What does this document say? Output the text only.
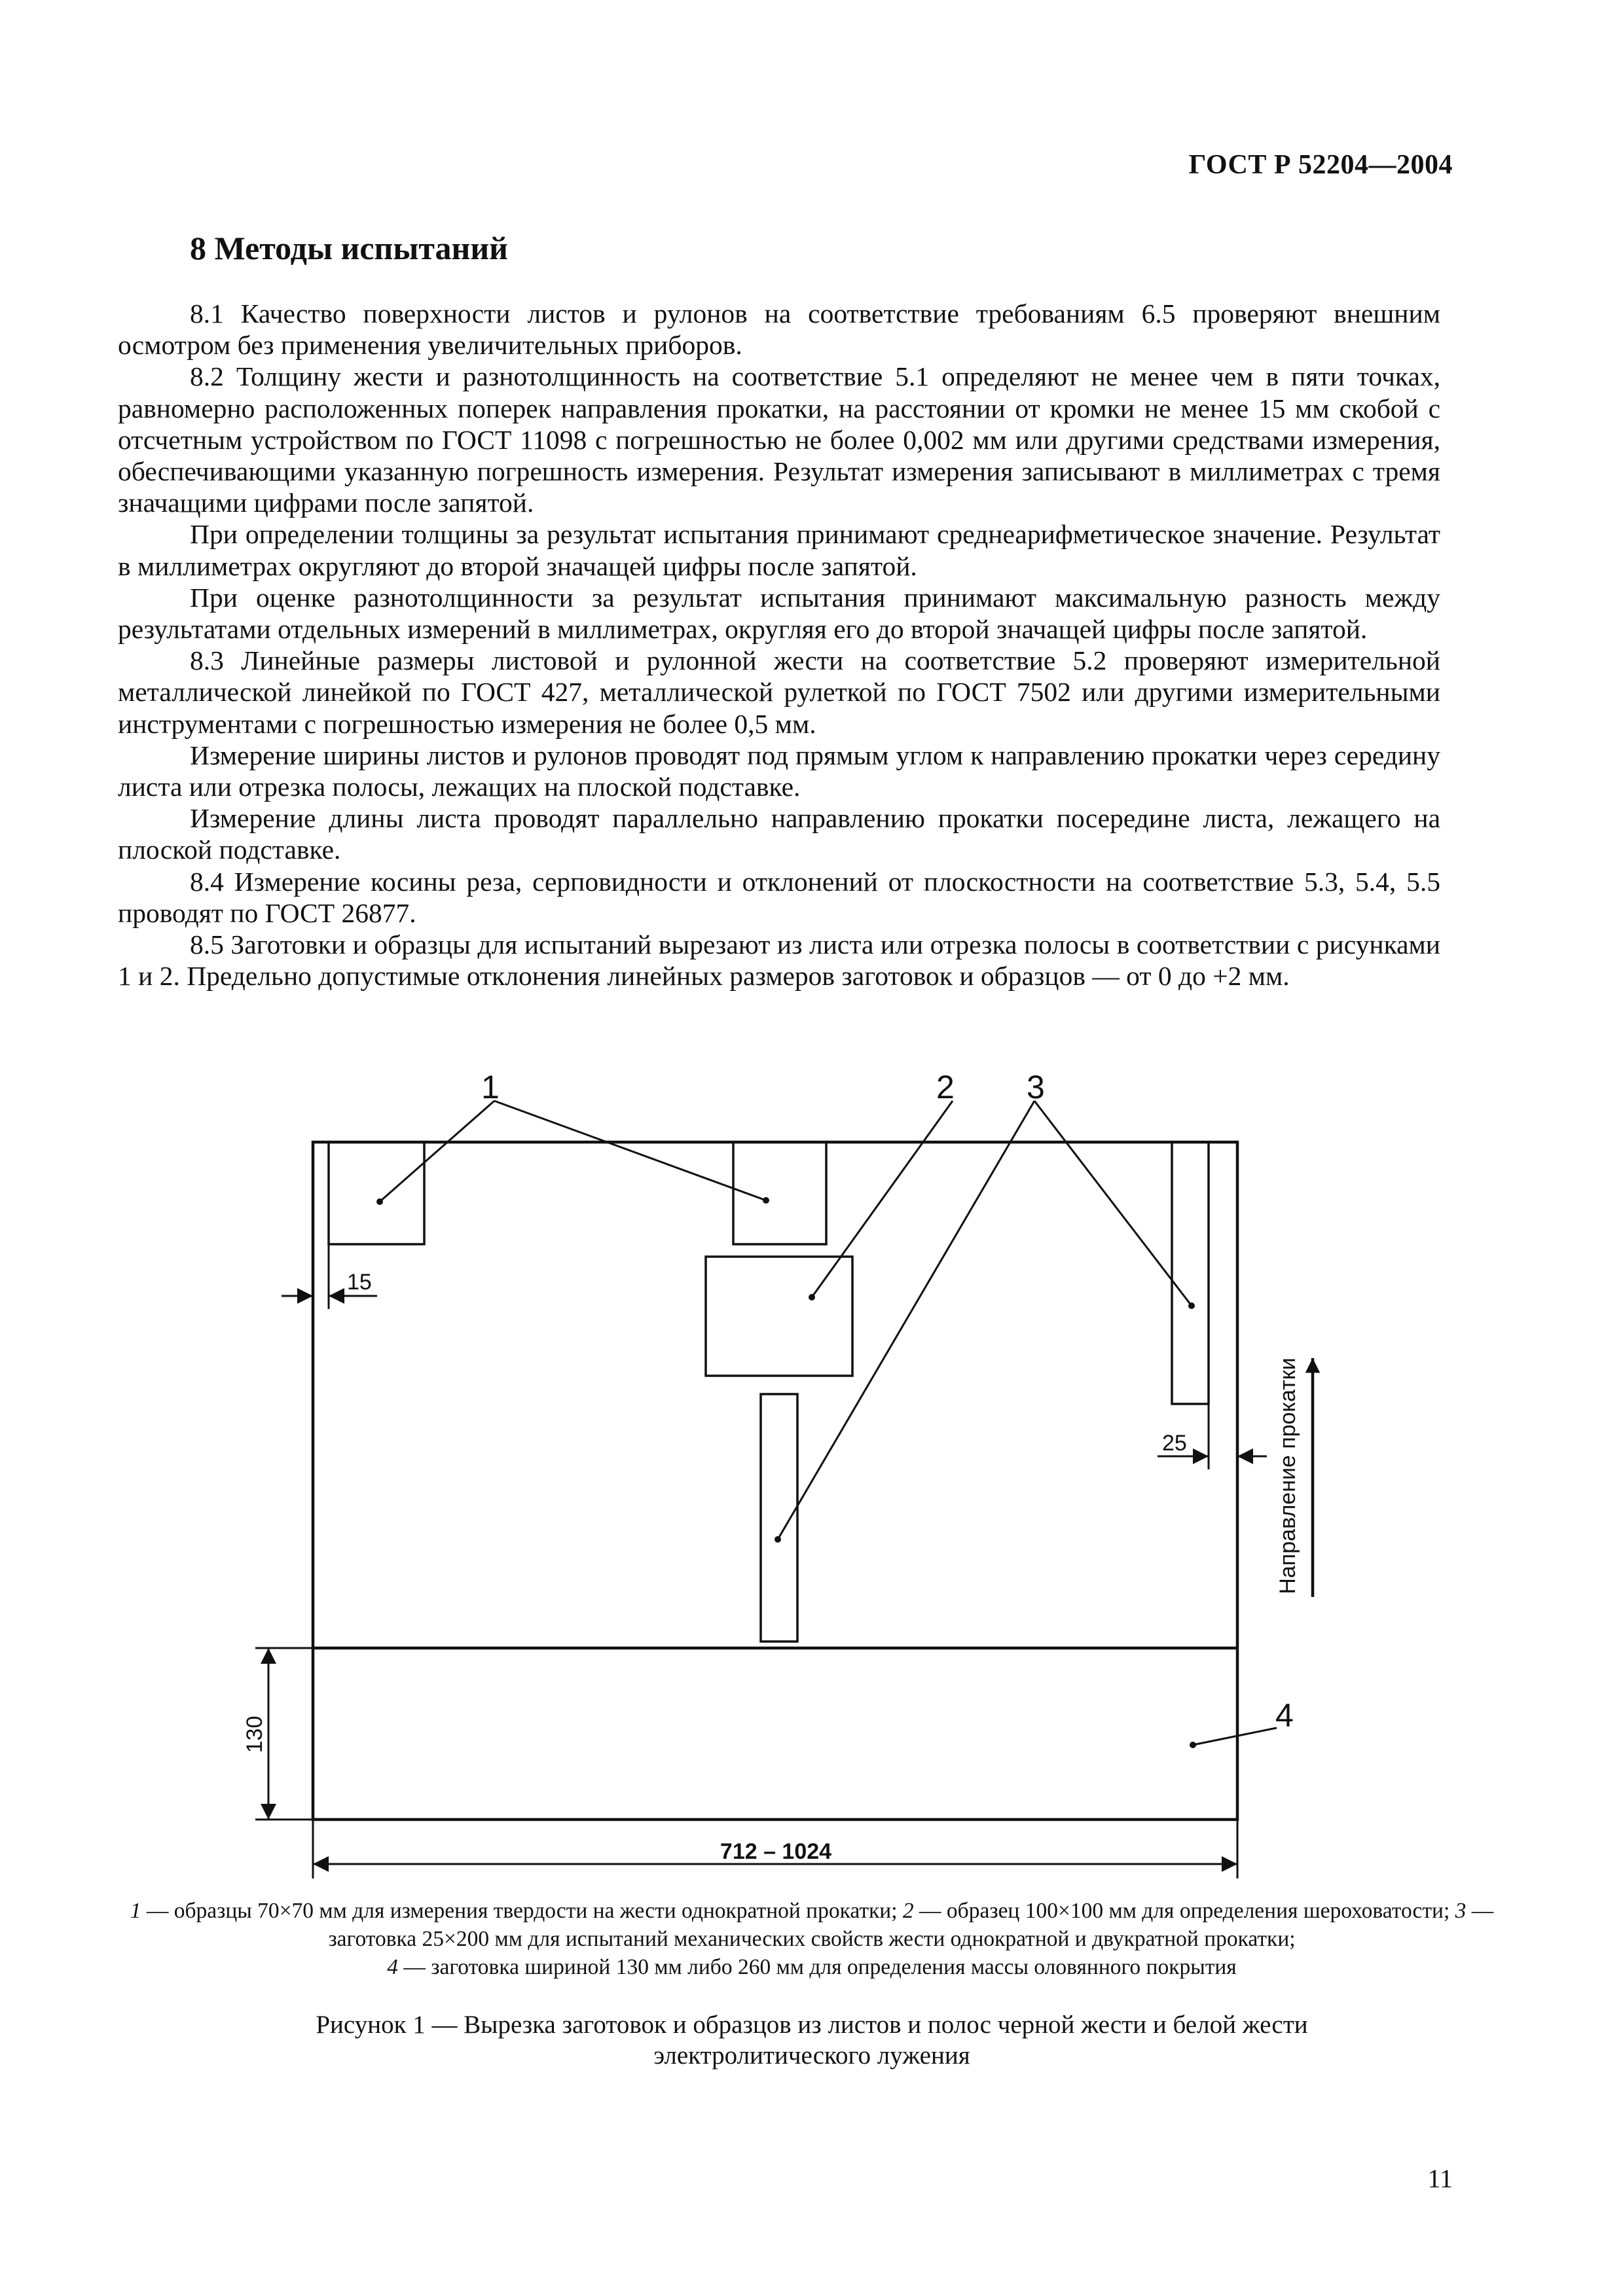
ГОСТ Р 52204—2004
8 Методы испытаний

8.1 Качество поверхности листов и рулонов на соответствие требованиям 6.5 проверяют внешним осмотром без применения увеличительных приборов.

8.2 Толщину жести и разнотолщинность на соответствие 5.1 определяют не менее чем в пяти точках, равномерно расположенных поперек направления прокатки, на расстоянии от кромки не менее 15 мм скобой с отсчетным устройством по ГОСТ 11098 с погрешностью не более 0,002 мм или другими средствами измерения, обеспечивающими указанную погрешность измерения. Результат измерения записывают в миллиметрах с тремя значащими цифрами после запятой.

При определении толщины за результат испытания принимают среднеарифметическое значение. Результат в миллиметрах округляют до второй значащей цифры после запятой.

При оценке разнотолщинности за результат испытания принимают максимальную разность между результатами отдельных измерений в миллиметрах, округляя его до второй значащей цифры после запятой.

8.3 Линейные размеры листовой и рулонной жести на соответствие 5.2 проверяют измерительной металлической линейкой по ГОСТ 427, металлической рулеткой по ГОСТ 7502 или другими измерительными инструментами с погрешностью измерения не более 0,5 мм.

Измерение ширины листов и рулонов проводят под прямым углом к направлению прокатки через середину листа или отрезка полосы, лежащих на плоской подставке.

Измерение длины листа проводят параллельно направлению прокатки посередине листа, лежащего на плоской подставке.

8.4 Измерение косины реза, серповидности и отклонений от плоскостности на соответствие 5.3, 5.4, 5.5 проводят по ГОСТ 26877.

8.5 Заготовки и образцы для испытаний вырезают из листа или отрезка полосы в соответствии с рисунками 1 и 2. Предельно допустимые отклонения линейных размеров заготовок и образцов — от 0 до +2 мм.

1	2 3
4
15
25
130
712 – 1024
Направление прокатки

1 — образцы 70×70 мм для измерения твердости на жести однократной прокатки; 2 — образец 100×100 мм для определения шероховатости; 3 — заготовка 25×200 мм для испытаний механических свойств жести однократной и двукратной прокатки;

4 — заготовка шириной 130 мм либо 260 мм для определения массы оловянного покрытия

Рисунок 1 — Вырезка заготовок и образцов из листов и полос черной жести и белой жести

электролитического лужения

11
